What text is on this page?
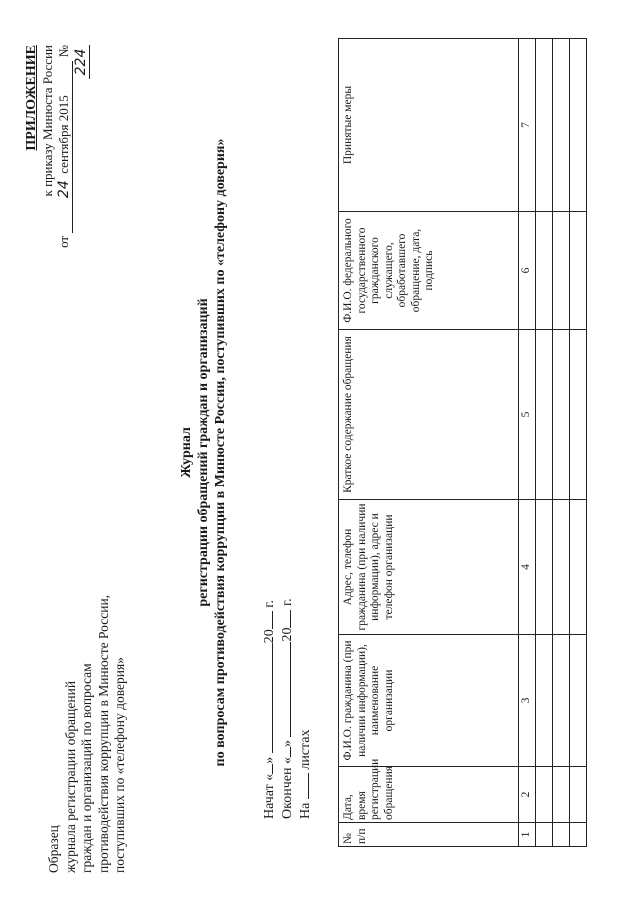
Образец журнала регистрации обращений граждан и организаций по вопросам противодействия коррупции в Минюсте России, поступивших по «телефону доверия»
ПРИЛОЖЕНИЕ к приказу Минюста России
от 24  сентября 2015 № 224
Журнал регистрации обращений граждан и организаций по вопросам противодействия коррупции в Минюсте России, поступивших по «телефону доверия»
Начат «» 20 г.
Окончен «» 20 г.
На  листах
№ п/п	Дата, время регистрации обращения	Ф.И.О. гражданина (при наличии информации), наименование организации	Адрес, телефон гражданина (при наличии информации), адрес и телефон организации	Краткое содержание обращения	Ф.И.О. федерального государственного гражданского служащего, обработавшего обращение, дата, подпись	Принятые меры
1	2	3	4	5	6	7
